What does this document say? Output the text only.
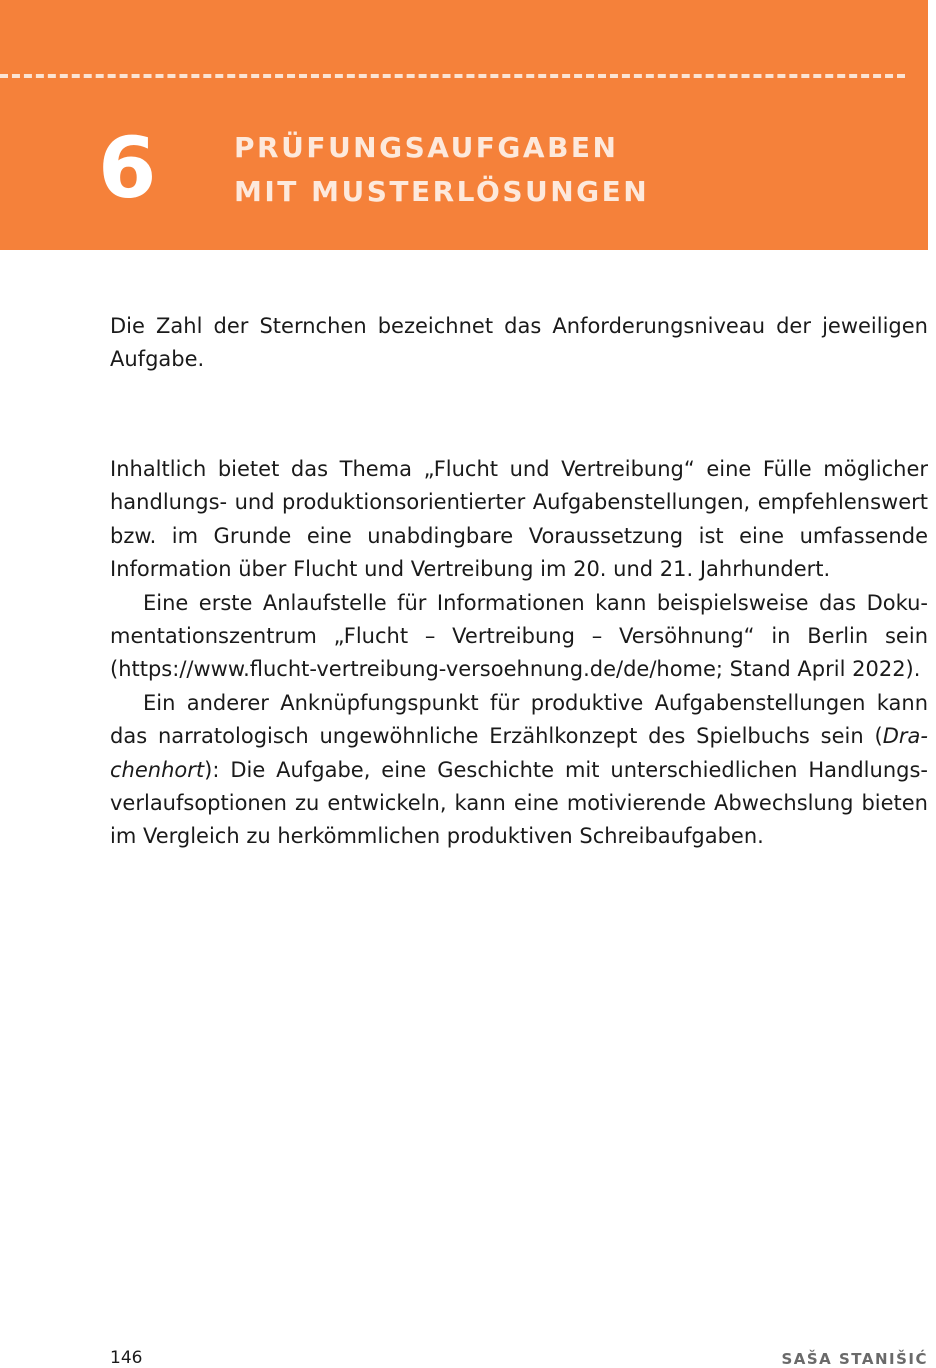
6	PRÜFUNGSAUFGABEN
MIT MUSTERLÖSUNGEN

Die Zahl der Sternchen bezeichnet das Anforderungsniveau der jeweiligen Aufgabe.

Inhaltlich bietet das Thema „Flucht und Vertreibung“ eine Fülle möglicher handlungs- und produktionsorientierter Aufgabenstellungen, empfehlenswert bzw. im Grunde eine unabdingbare Voraussetzung ist eine umfassende Information über Flucht und Vertreibung im 20. und 21. Jahrhundert.

Eine erste Anlaufstelle für Informationen kann beispielsweise das Dokumentationszentrum „Flucht – Vertreibung – Versöhnung“ in Berlin sein (https://www.flucht-vertreibung-versoehnung.de/de/home; Stand April 2022).

Ein anderer Anknüpfungspunkt für produktive Aufgabenstellungen kann das narratologisch ungewöhnliche Erzählkonzept des Spielbuchs sein (Drachenhort): Die Aufgabe, eine Geschichte mit unterschiedlichen Handlungsverlaufsoptionen zu entwickeln, kann eine motivierende Abwechslung bieten im Vergleich zu herkömmlichen produktiven Schreibaufgaben.

146	SAŠA STANIŠIĆ
